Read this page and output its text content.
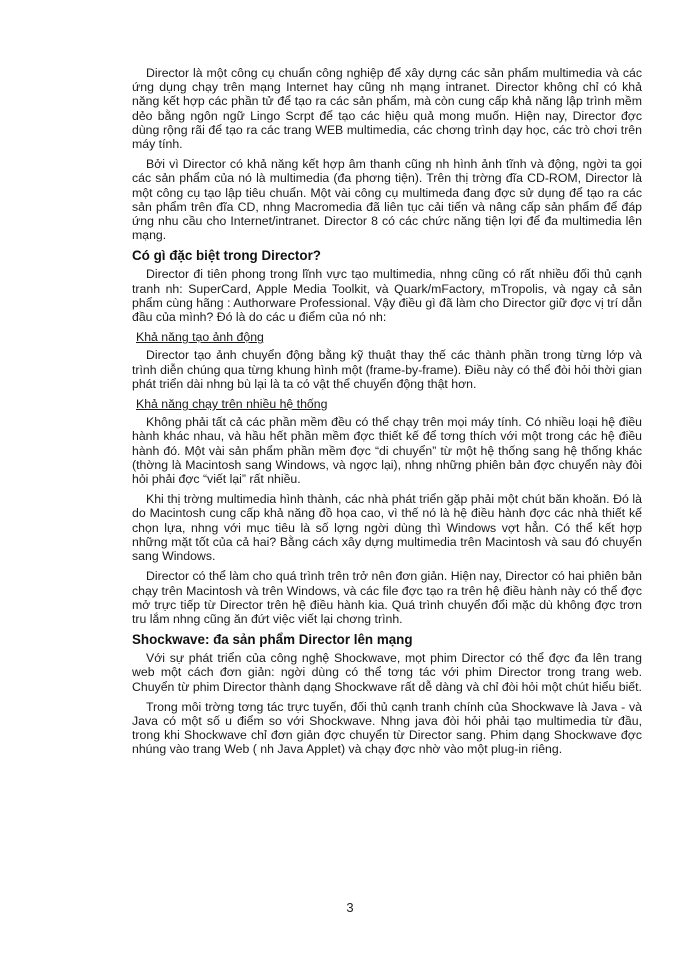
Director là một công cụ chuẩn công nghiệp để xây dựng các sản phẩm multimedia và các ứng dụng chạy trên mạng Internet hay cũng nh mạng intranet. Director không chỉ có khả năng kết hợp các phần tử để tạo ra các sản phẩm, mà còn cung cấp khả năng lập trình mềm dẻo bằng ngôn ngữ Lingo Scrpt để tạo các hiệu quả mong muốn. Hiện nay, Director đợc dùng rộng rãi để tạo ra các trang WEB multimedia, các chơng trình dạy học, các trò chơi trên máy tính.

Bởi vì Director có khả năng kết hợp âm thanh cũng nh hình ảnh tĩnh và động, ngời ta gọi các sản phẩm của nó là multimedia (đa phơng tiện). Trên thị trờng đĩa CD-ROM, Director là một công cụ tạo lập tiêu chuẩn. Một vài công cụ multimeda đang đợc sử dụng để tạo ra các sản phẩm trên đĩa CD, nhng Macromedia đã liên tục cải tiến và nâng cấp sản phẩm để đáp ứng nhu cầu cho Internet/intranet. Director 8 có các chức năng tiện lợi để đa multimedia lên mạng.

Có gì đặc biệt trong Director?

Director đi tiên phong trong lĩnh vực tạo multimedia, nhng cũng có rất nhiều đối thủ cạnh tranh nh: SuperCard, Apple Media Toolkit, và Quark/mFactory, mTropolis, và ngay cả sản phẩm cùng hãng : Authorware Professional. Vậy điều gì đã làm cho Director giữ đợc vị trí dẫn đầu của mình? Đó là do các u điểm của nó nh:

Khả năng tạo ảnh động

Director tạo ảnh chuyển động bằng kỹ thuật thay thế các thành phần trong từng lớp và trình diễn chúng qua từng khung hình một (frame-by-frame). Điều này có thể đòi hỏi thời gian phát triển dài nhng bù lại là ta có vật thể chuyển động thật hơn.

Khả năng chạy trên nhiều hệ thống

Không phải tất cả các phần mềm đều có thể chạy trên mọi máy tính. Có nhiều loại hệ điều hành khác nhau, và hầu hết phần mềm đợc thiết kế để tơng thích với một trong các hệ điều hành đó. Một vài sản phẩm phần mềm đợc “di chuyển” từ một hệ thống sang hệ thống khác (thờng là Macintosh sang Windows, và ngợc lại), nhng những phiên bản đợc chuyển này đòi hỏi phải đợc “viết lại” rất nhiều.

Khi thị trờng multimedia hình thành, các nhà phát triển gặp phải một chút băn khoăn. Đó là do Macintosh cung cấp khả năng đồ họa cao, vì thế nó là hệ điều hành đợc các nhà thiết kế chọn lựa, nhng với mục tiêu là số lợng ngời dùng thì Windows vợt hẳn. Có thể kết hợp những mặt tốt của cả hai? Bằng cách xây dựng multimedia trên Macintosh và sau đó chuyển sang Windows.

Director có thể làm cho quá trình trên trở nên đơn giản. Hiện nay, Director có hai phiên bản chạy trên Macintosh và trên Windows, và các file đợc tạo ra trên hệ điều hành này có thể đợc mở trực tiếp từ Director trên hệ điều hành kia. Quá trình chuyển đổi mặc dù không đợc trơn tru lắm nhng cũng ăn đứt việc viết lại chơng trình.

Shockwave: đa sản phẩm Director lên mạng

Với sự phát triển của công nghệ Shockwave, mọt phim Director có thể đợc đa lên trang web một cách đơn giản: ngời dùng có thể tơng tác với phim Director trong trang web. Chuyển từ phim Director thành dạng Shockwave rất dễ dàng và chỉ đòi hỏi một chút hiểu biết.

Trong môi trờng tơng tác trực tuyến, đối thủ cạnh tranh chính của Shockwave là Java - và Java có một số u điểm so với Shockwave. Nhng java đòi hỏi phải tạo multimedia từ đầu, trong khi Shockwave chỉ đơn giản đợc chuyển từ Director sang. Phim dạng Shockwave đợc nhúng vào trang Web ( nh Java Applet) và chạy đợc nhờ vào một plug-in riêng.

3
